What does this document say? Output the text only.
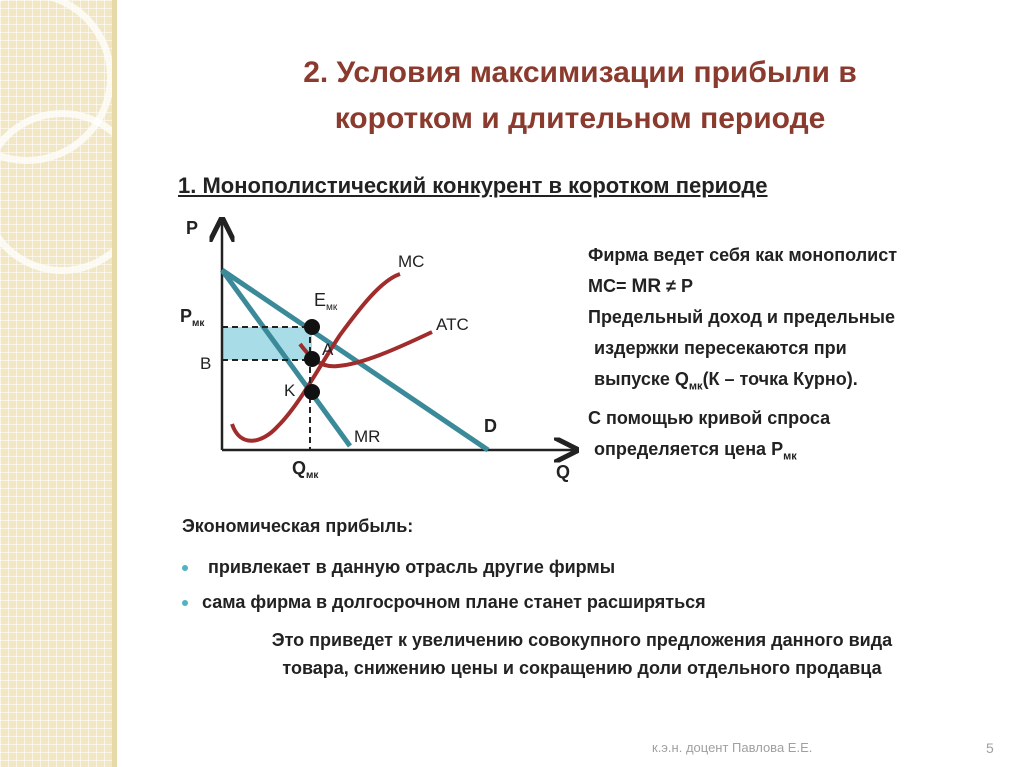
2. Условия максимизации прибыли в
коротком и длительном периоде
1. Монополистический конкурент в коротком периоде
P
Q
$P_{мк}$
B
$E_{мк}$
A
K
$Q_{мк}$
MC
ATC
MR
D
Фирма ведет себя как монополист
MC= MR ≠ P
Предельный доход и предельные
издержки пересекаются при
выпуске $Q_{мк}(К$ – точка Курно).
С помощью кривой спроса
определяется цена $Р_{мк}$
Экономическая прибыль:
привлекает в данную отрасль другие фирмы
сама фирма в долгосрочном плане станет расширяться
Это приведет к увеличению совокупного предложения данного вида
товара, снижению цены и сокращению доли отдельного продавца
к.э.н. доцент Павлова Е.Е.	5
